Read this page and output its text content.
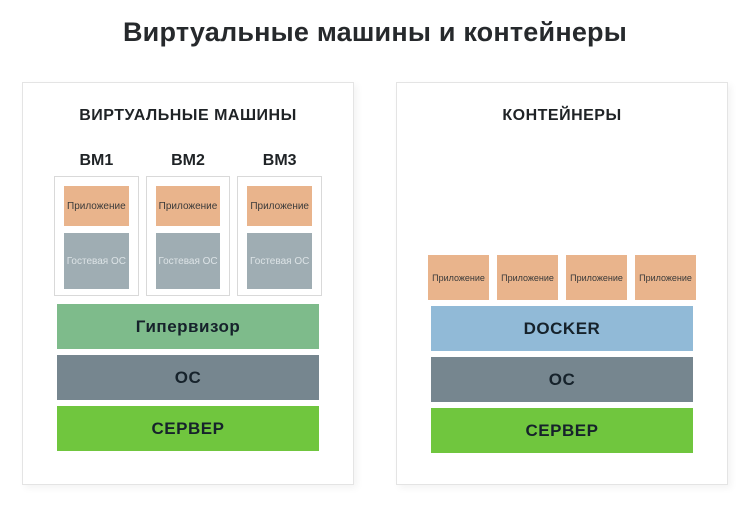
Виртуальные машины и контейнеры
ВИРТУАЛЬНЫЕ МАШИНЫ
ВМ1	ВМ2	ВМ3
Приложение
Гостевая ОС
Приложение
Гостевая ОС
Приложение
Гостевая ОС
Гипервизор
ОС
СЕРВЕР
КОНТЕЙНЕРЫ
Приложение	Приложение	Приложение	Приложение
DOCKER
ОС
СЕРВЕР
